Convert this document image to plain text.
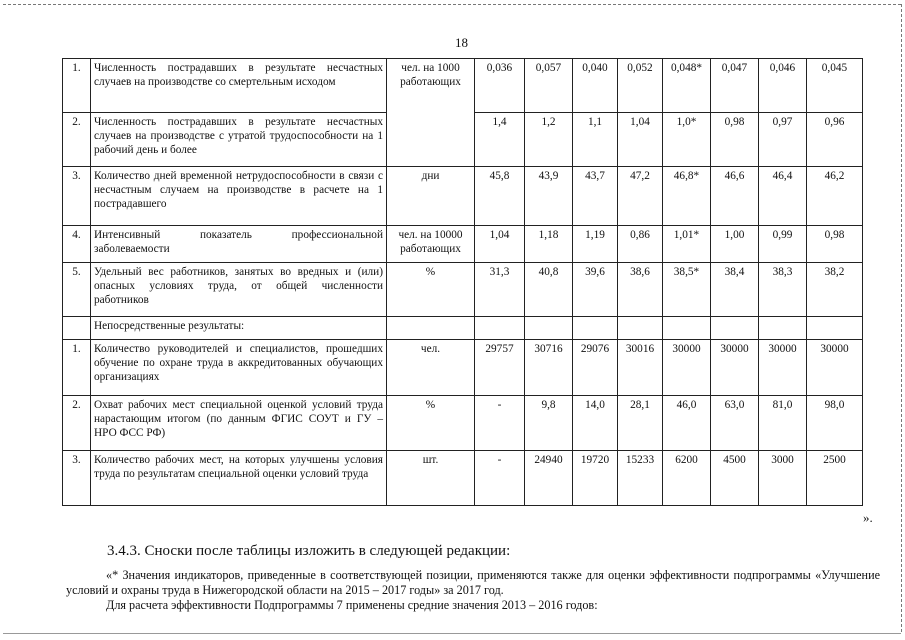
18
1.	Численность пострадавших в результате несчастных случаев на производстве со смертельным исходом	чел. на 1000 работающих	0,036	0,057	0,040	0,052	0,048*	0,047	0,046	0,045
2.	Численность пострадавших в результате несчастных случаев на производстве с утратой трудоспособности на 1 рабочий день и более		1,4	1,2	1,1	1,04	1,0*	0,98	0,97	0,96
3.	Количество дней временной нетрудоспособности в связи с несчастным случаем на производстве в расчете на 1 пострадавшего	дни	45,8	43,9	43,7	47,2	46,8*	46,6	46,4	46,2
4.	Интенсивный показатель профессиональной заболеваемости	чел. на 10000 работающих	1,04	1,18	1,19	0,86	1,01*	1,00	0,99	0,98
5.	Удельный вес работников, занятых во вредных и (или) опасных условиях труда, от общей численности работников	%	31,3	40,8	39,6	38,6	38,5*	38,4	38,3	38,2
	Непосредственные результаты:									
1.	Количество руководителей и специалистов, прошедших обучение по охране труда в аккредитованных обучающих организациях	чел.	29757	30716	29076	30016	30000	30000	30000	30000
2.	Охват рабочих мест специальной оценкой условий труда нарастающим итогом (по данным ФГИС СОУТ и ГУ – НРО ФСС РФ)	%	-	9,8	14,0	28,1	46,0	63,0	81,0	98,0
3.	Количество рабочих мест, на которых улучшены условия труда по результатам специальной оценки условий труда	шт.	-	24940	19720	15233	6200	4500	3000	2500
».
3.4.3. Сноски после таблицы изложить в следующей редакции:
«* Значения индикаторов, приведенные в соответствующей позиции, применяются также для оценки эффективности подпрограммы «Улучшение условий и охраны труда в Нижегородской области на 2015 – 2017 годы» за 2017 год.
Для расчета эффективности Подпрограммы 7 применены средние значения 2013 – 2016 годов:
